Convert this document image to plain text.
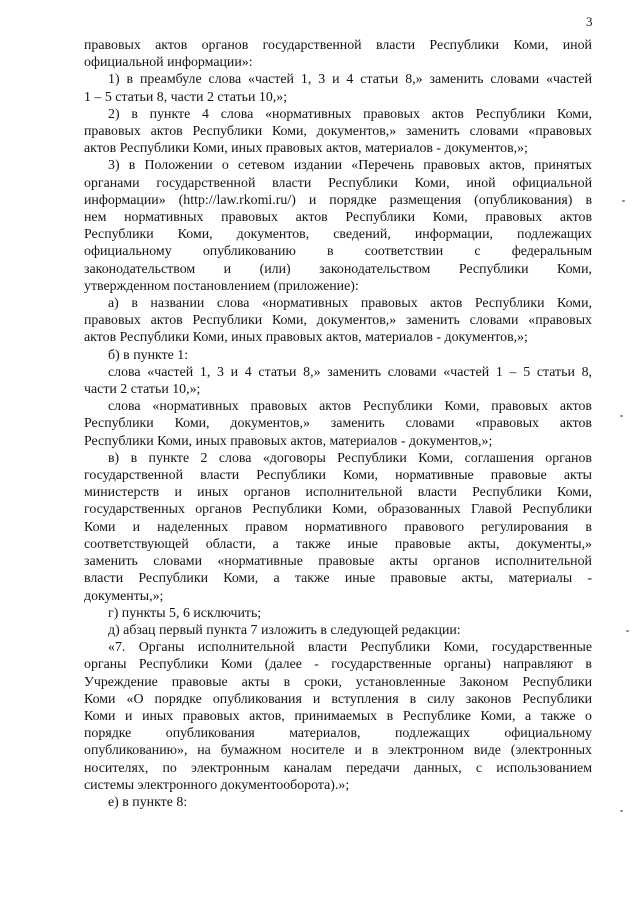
3
правовых актов органов государственной власти Республики Коми, иной
официальной информации»:
1) в преамбуле слова «частей 1, 3 и 4 статьи 8,» заменить словами «частей
1 – 5 статьи 8, части 2 статьи 10,»;
2) в пункте 4 слова «нормативных правовых актов Республики Коми,
правовых актов Республики Коми, документов,» заменить словами «правовых
актов Республики Коми, иных правовых актов, материалов - документов,»;
3) в Положении о сетевом издании «Перечень правовых актов, принятых
органами государственной власти Республики Коми, иной официальной
информации» (http://law.rkomi.ru/) и порядке размещения (опубликования) в
нем нормативных правовых актов Республики Коми, правовых актов
Республики Коми, документов, сведений, информации, подлежащих
официальному опубликованию в соответствии с федеральным
законодательством и (или) законодательством Республики Коми,
утвержденном постановлением (приложение):
а) в названии слова «нормативных правовых актов Республики Коми,
правовых актов Республики Коми, документов,» заменить словами «правовых
актов Республики Коми, иных правовых актов, материалов - документов,»;
б) в пункте 1:
слова «частей 1, 3 и 4 статьи 8,» заменить словами «частей 1 – 5 статьи 8,
части 2 статьи 10,»;
слова «нормативных правовых актов Республики Коми, правовых актов
Республики Коми, документов,» заменить словами «правовых актов
Республики Коми, иных правовых актов, материалов - документов,»;
в) в пункте 2 слова «договоры Республики Коми, соглашения органов
государственной власти Республики Коми, нормативные правовые акты
министерств и иных органов исполнительной власти Республики Коми,
государственных органов Республики Коми, образованных Главой Республики
Коми и наделенных правом нормативного правового регулирования в
соответствующей области, а также иные правовые акты, документы,»
заменить словами «нормативные правовые акты органов исполнительной
власти Республики Коми, а также иные правовые акты, материалы -
документы,»;
г) пункты 5, 6 исключить;
д) абзац первый пункта 7 изложить в следующей редакции:
«7. Органы исполнительной власти Республики Коми, государственные
органы Республики Коми (далее - государственные органы) направляют в
Учреждение правовые акты в сроки, установленные Законом Республики
Коми «О порядке опубликования и вступления в силу законов Республики
Коми и иных правовых актов, принимаемых в Республике Коми, а также о
порядке опубликования материалов, подлежащих официальному
опубликованию», на бумажном носителе и в электронном виде (электронных
носителях, по электронным каналам передачи данных, с использованием
системы электронного документооборота).»;
е) в пункте 8:
